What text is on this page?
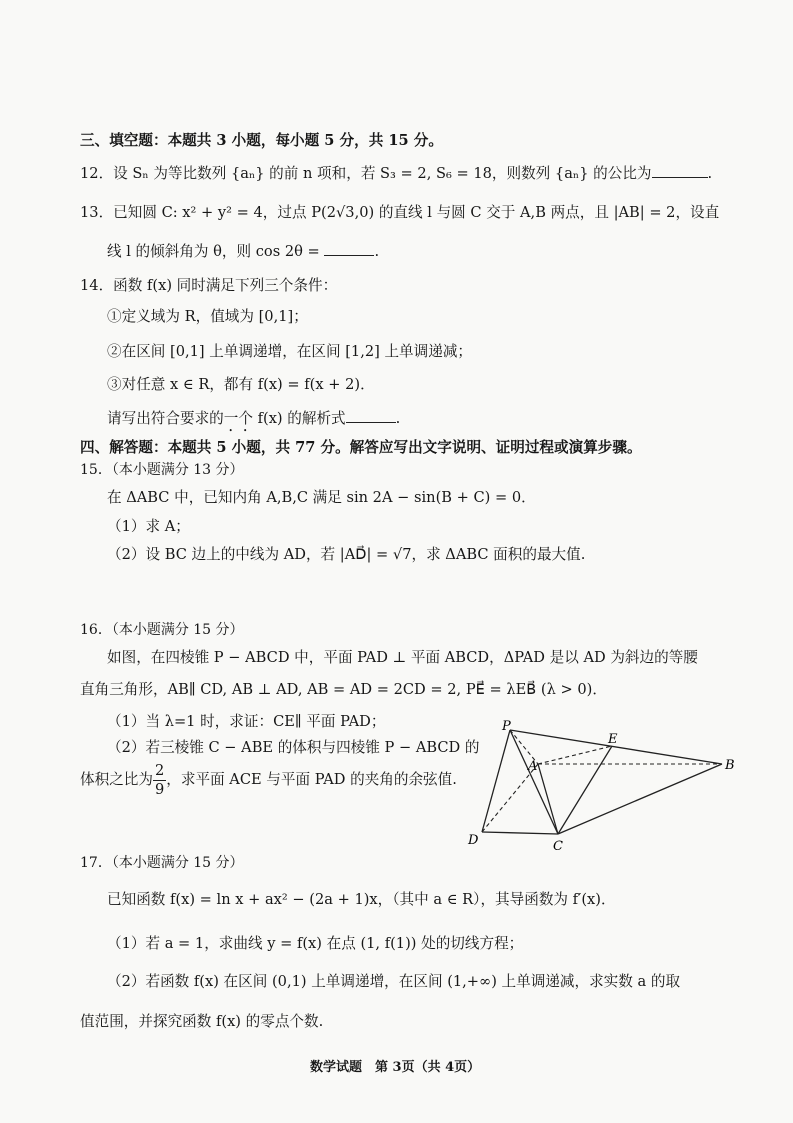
三、填空题：本题共 3 小题，每小题 5 分，共 15 分。
12．设 Sₙ 为等比数列 {aₙ} 的前 n 项和，若 S₃ = 2, S₆ = 18，则数列 {aₙ} 的公比为	.
13．已知圆 C: x² + y² = 4，过点 P(2√3,0) 的直线 l 与圆 C 交于 A,B 两点，且 |AB| = 2，设直
线 l 的倾斜角为 θ，则 cos 2θ =	.
14．函数 f(x) 同时满足下列三个条件：
①定义域为 R，值域为 [0,1]；
②在区间 [0,1] 上单调递增，在区间 [1,2] 上单调递减；
③对任意 x ∈ R，都有 f(x) = f(x + 2)．
请写出符合要求的一个 f(x) 的解析式	.
四、解答题：本题共 5 小题，共 77 分。解答应写出文字说明、证明过程或演算步骤。
15．（本小题满分 13 分）
在 ΔABC 中，已知内角 A,B,C 满足 sin 2A − sin(B + C) = 0．
（1）求 A；
（2）设 BC 边上的中线为 AD，若 |AD⃗| = √7，求 ΔABC 面积的最大值.
16．（本小题满分 15 分）
如图，在四棱锥 P − ABCD 中，平面 PAD ⊥ 平面 ABCD，ΔPAD 是以 AD 为斜边的等腰
直角三角形，AB∥ CD, AB ⊥ AD, AB = AD = 2CD = 2, PE⃗ = λEB⃗ (λ > 0)．
（1）当 λ=1 时，求证：CE∥ 平面 PAD；
（2）若三棱锥 C − ABE 的体积与四棱锥 P − ABCD 的
体积之比为 $\frac{2}{9}$ ，求平面 ACE 与平面 PAD 的夹角的余弦值.
P
A	B
C
D
E
17．（本小题满分 15 分）
已知函数 f(x) = ln x + ax² − (2a + 1)x，（其中 a ∈ R），其导函数为 f′(x)．
（1）若 a = 1，求曲线 y = f(x) 在点 (1, f(1)) 处的切线方程；
（2）若函数 f(x) 在区间 (0,1) 上单调递增，在区间 (1,+∞) 上单调递减，求实数 a 的取
值范围，并探究函数 f(x) 的零点个数.
数学试题　第 3页（共 4页）
